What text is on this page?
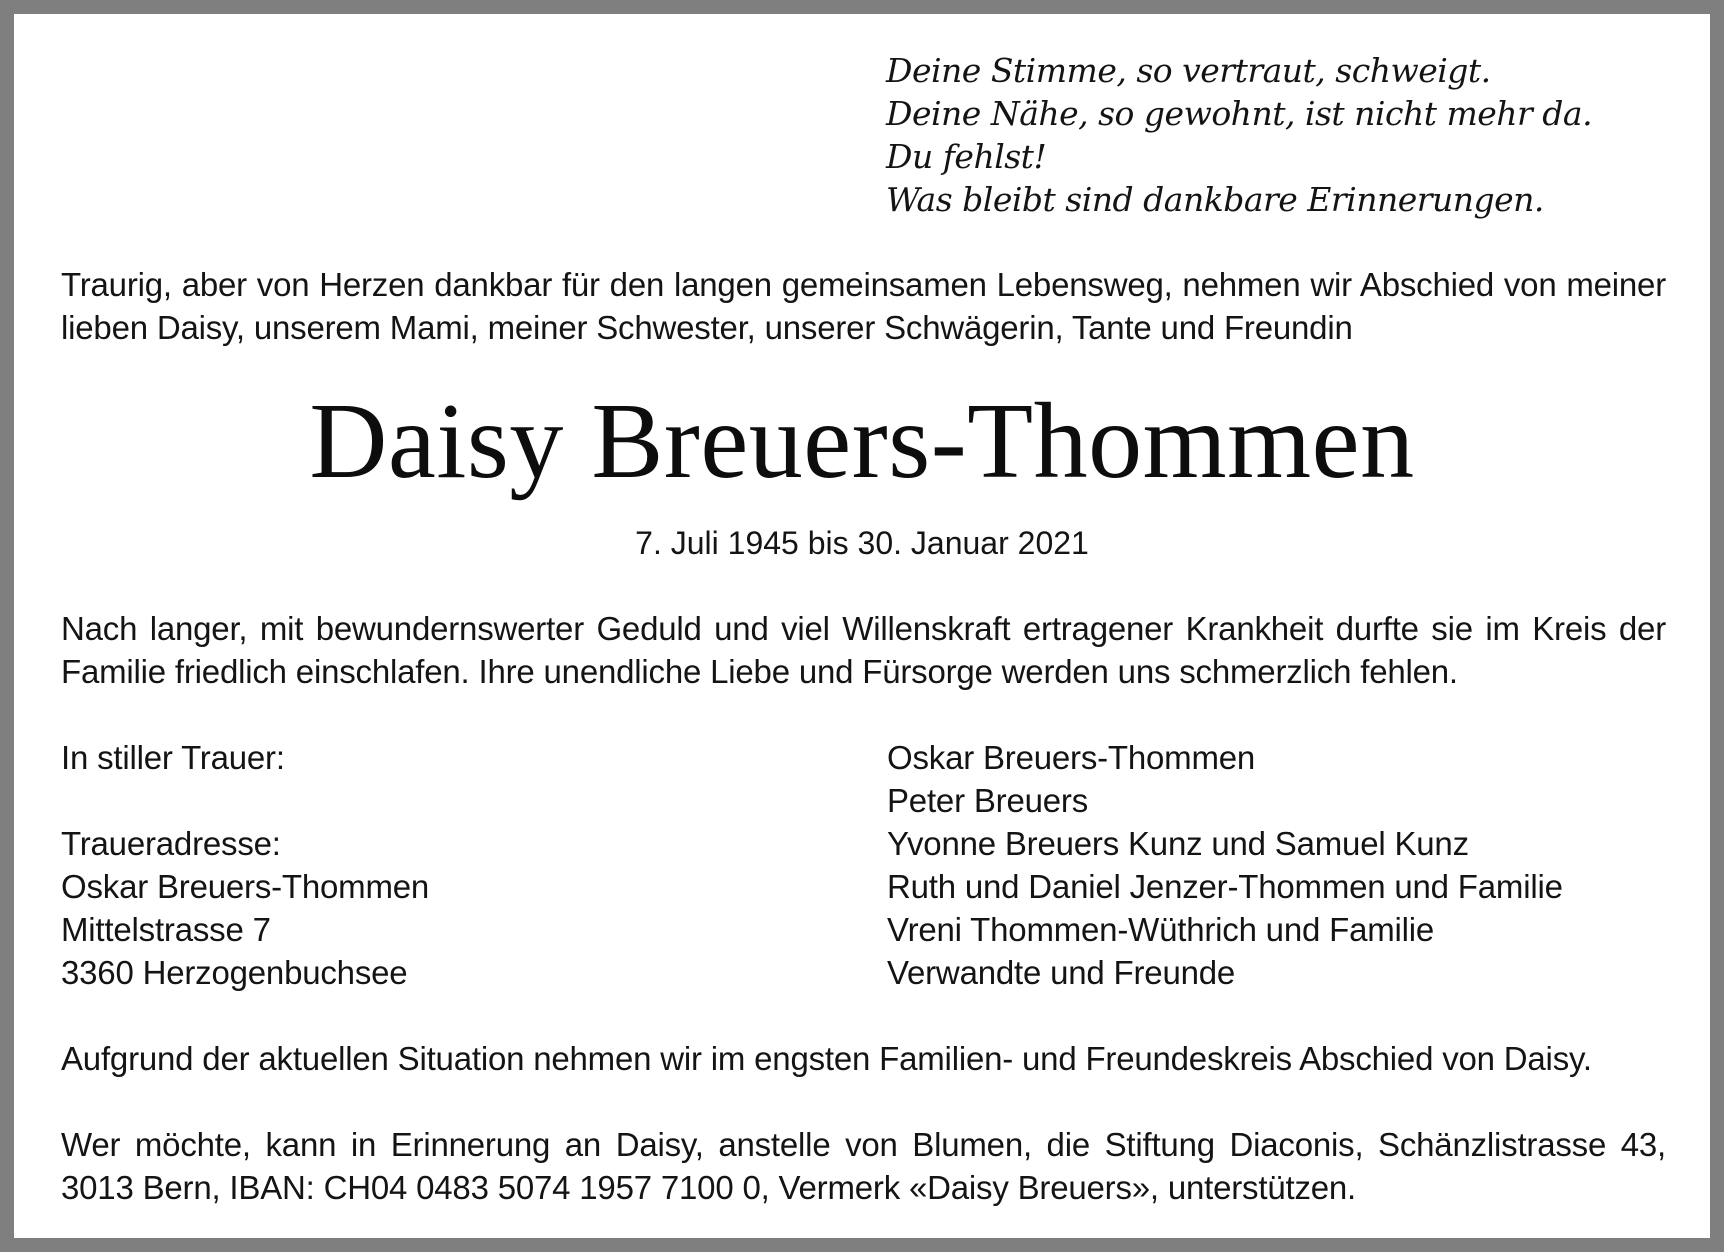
Deine Stimme, so vertraut, schweigt.
Deine Nähe, so gewohnt, ist nicht mehr da.
Du fehlst!
Was bleibt sind dankbare Erinnerungen.
Traurig, aber von Herzen dankbar für den langen gemeinsamen Lebensweg, nehmen wir Abschied von meiner
lieben Daisy, unserem Mami, meiner Schwester, unserer Schwägerin, Tante und Freundin
Daisy Breuers-Thommen
7. Juli 1945 bis 30. Januar 2021
Nach langer, mit bewundernswerter Geduld und viel Willenskraft ertragener Krankheit durfte sie im Kreis der
Familie friedlich einschlafen. Ihre unendliche Liebe und Fürsorge werden uns schmerzlich fehlen.
In stiller Trauer:
Traueradresse:
Oskar Breuers-Thommen
Mittelstrasse 7
3360 Herzogenbuchsee
Oskar Breuers-Thommen
Peter Breuers
Yvonne Breuers Kunz und Samuel Kunz
Ruth und Daniel Jenzer-Thommen und Familie
Vreni Thommen-Wüthrich und Familie
Verwandte und Freunde
Aufgrund der aktuellen Situation nehmen wir im engsten Familien- und Freundeskreis Abschied von Daisy.
Wer möchte, kann in Erinnerung an Daisy, anstelle von Blumen, die Stiftung Diaconis, Schänzlistrasse 43,
3013 Bern, IBAN: CH04 0483 5074 1957 7100 0, Vermerk «Daisy Breuers», unterstützen.
